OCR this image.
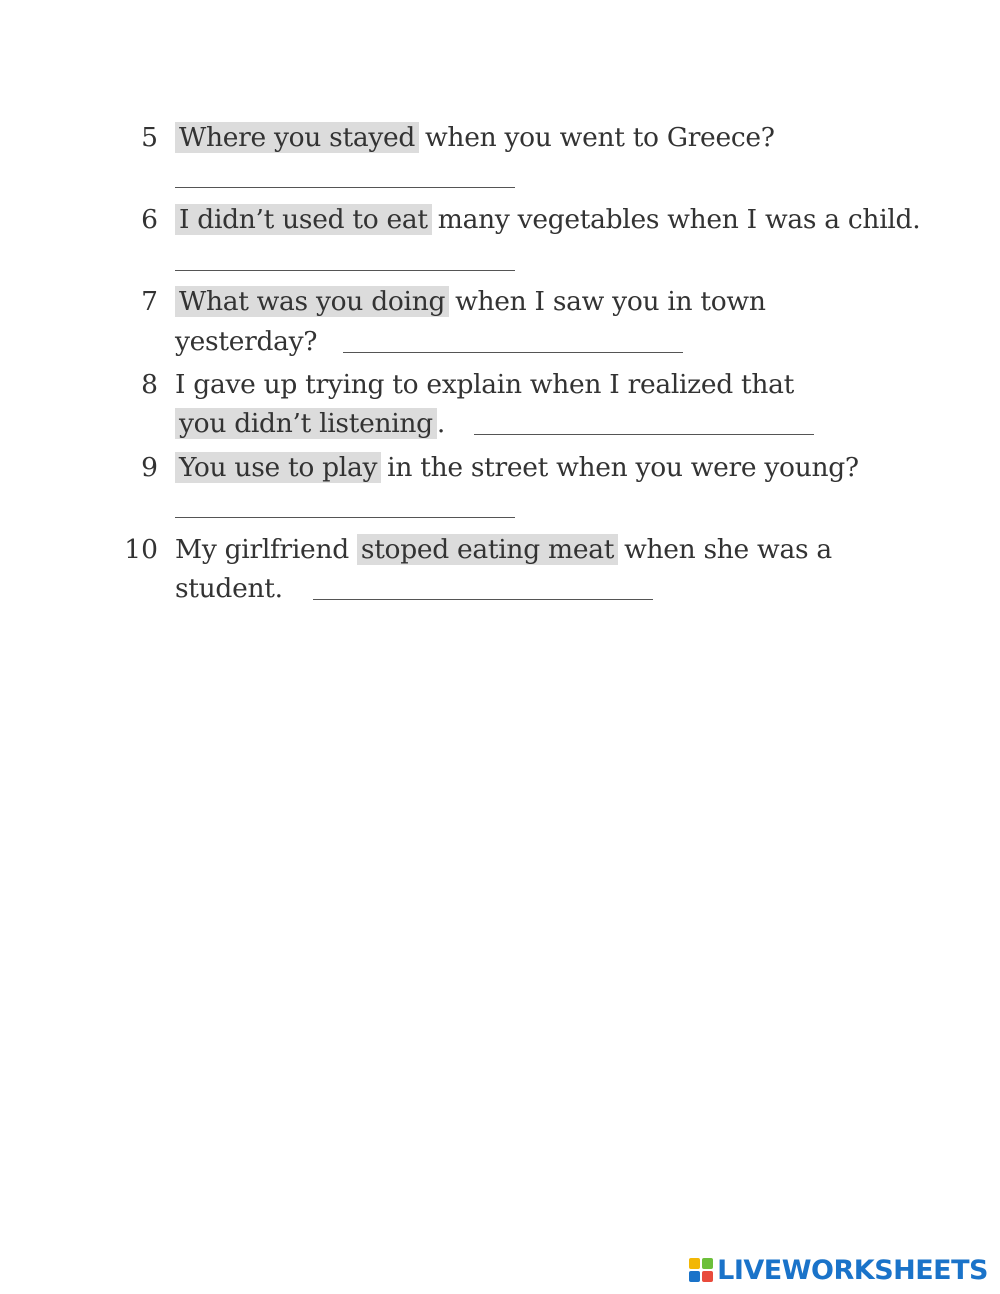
5 Where you stayed when you went to Greece?
6 I didn’t used to eat many vegetables when I was a child.
7 What was you doing when I saw you in town
yesterday?
8 I gave up trying to explain when I realized that
you didn’t listening .
9 You use to play in the street when you were young?
10 My girlfriend stoped eating meat when she was a
student.
LIVEWORKSHEETS
